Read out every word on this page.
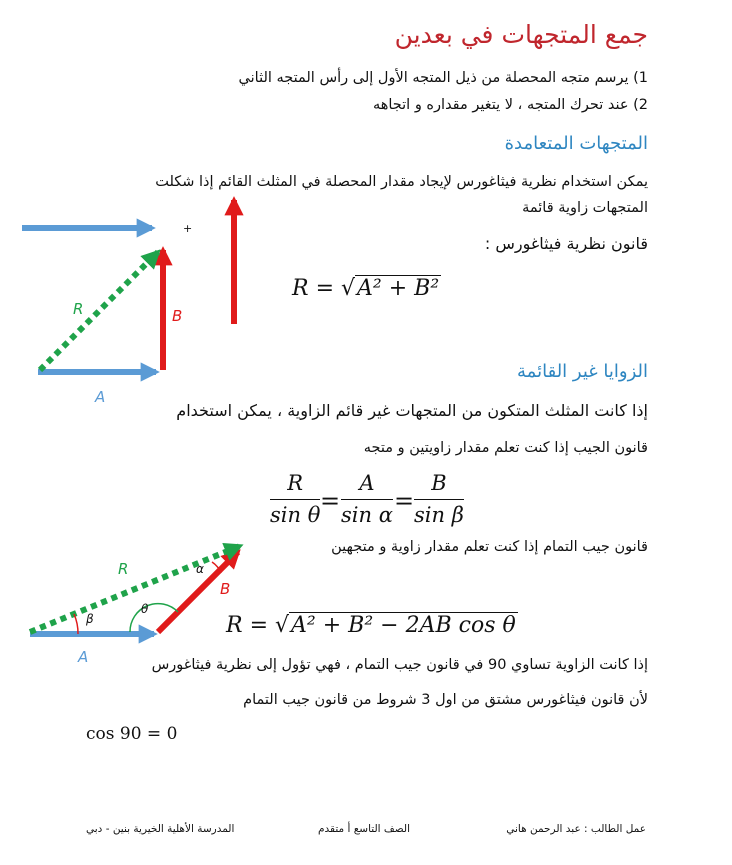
جمع المتجهات في بعدين
1) يرسم متجه المحصلة من ذيل المتجه الأول إلى رأس المتجه الثاني
2) عند تحرك المتجه ، لا يتغير مقداره و اتجاهه
المتجهات المتعامدة
يمكن استخدام نظرية فيثاغورس لإيجاد مقدار المحصلة في المثلث القائم إذا شكلت
المتجهات زاوية قائمة
قانون نظرية فيثاغورس :
R = √A² + B²
الزوايا غير القائمة
إذا كانت المثلث المتكون من المتجهات غير قائم الزاوية ، يمكن استخدام
قانون الجيب إذا كنت تعلم مقدار زاويتين و متجه
R
sin θ =
A
sin α =
B
sin β
قانون جيب التمام إذا كنت تعلم مقدار زاوية و متجهين
R = √A² + B² − 2AB cos θ
إذا كانت الزاوية تساوي 90 في قانون جيب التمام ، فهي تؤول إلى نظرية فيثاغورس
لأن قانون فيثاغورس مشتق من اول 3 شروط من قانون جيب التمام
cos 90 = 0
R	B
A
+
R
B
A
α
β
θ
عمل الطالب : عبد الرحمن هاني
الصف التاسع أ متقدم
المدرسة الأهلية الخيرية بنين - دبي
